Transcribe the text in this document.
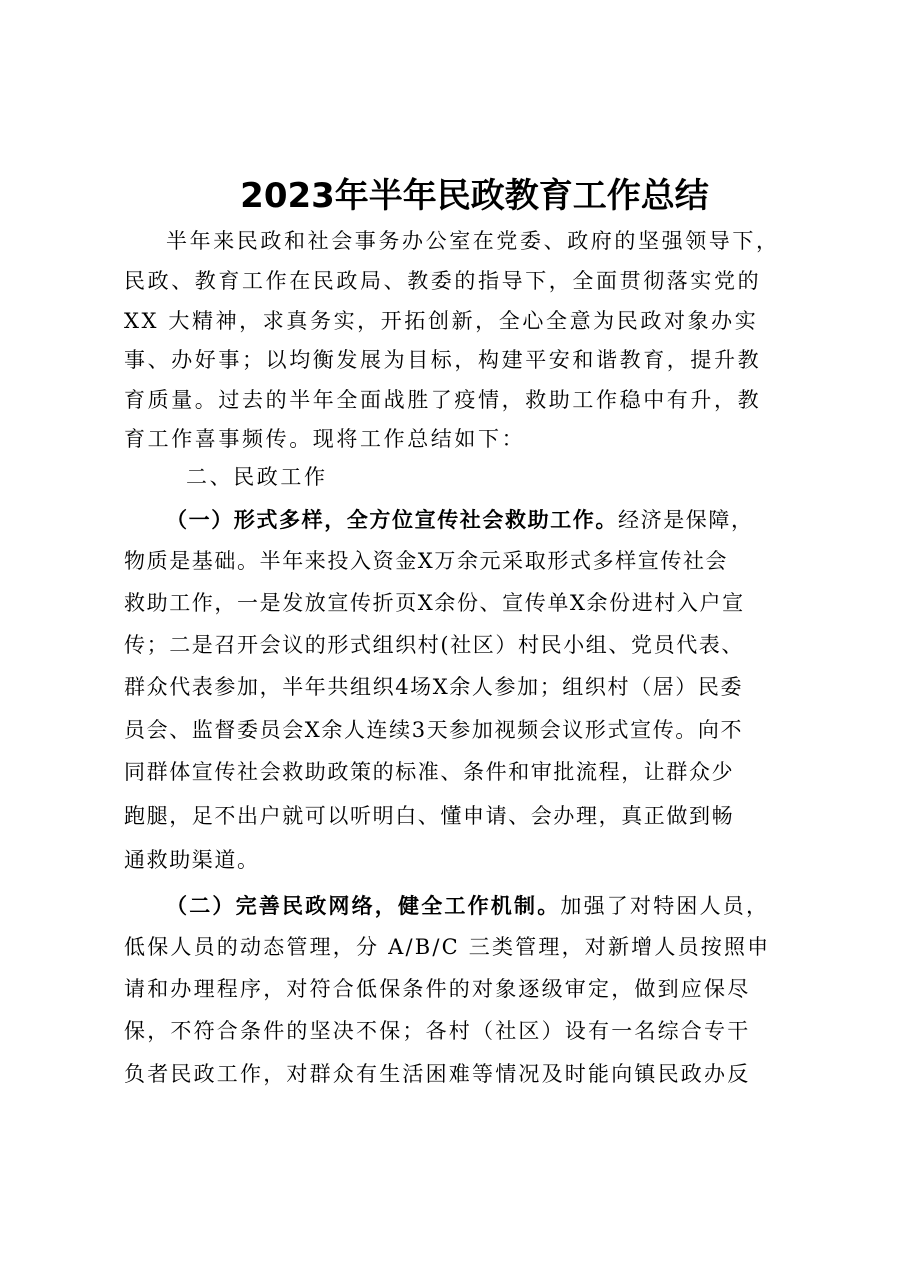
2023年半年民政教育工作总结
半年来民政和社会事务办公室在党委、政府的坚强领导下，
民政、教育工作在民政局、教委的指导下，全面贯彻落实党的
XX 大精神，求真务实，开拓创新，全心全意为民政对象办实
事、办好事；以均衡发展为目标，构建平安和谐教育，提升教
育质量。过去的半年全面战胜了疫情，救助工作稳中有升，教
育工作喜事频传。现将工作总结如下：
二、民政工作
（一）形式多样，全方位宣传社会救助工作。经济是保障，
物质是基础。半年来投入资金X万余元采取形式多样宣传社会
救助工作，一是发放宣传折页X余份、宣传单X余份进村入户宣
传；二是召开会议的形式组织村(社区）村民小组、党员代表、
群众代表参加，半年共组织4场X余人参加；组织村（居）民委
员会、监督委员会X余人连续3天参加视频会议形式宣传。向不
同群体宣传社会救助政策的标准、条件和审批流程，让群众少
跑腿，足不出户就可以听明白、懂申请、会办理，真正做到畅
通救助渠道。
（二）完善民政网络，健全工作机制。加强了对特困人员，
低保人员的动态管理，分 A/B/C 三类管理，对新增人员按照申
请和办理程序，对符合低保条件的对象逐级审定，做到应保尽
保，不符合条件的坚决不保；各村（社区）设有一名综合专干
负者民政工作，对群众有生活困难等情况及时能向镇民政办反
